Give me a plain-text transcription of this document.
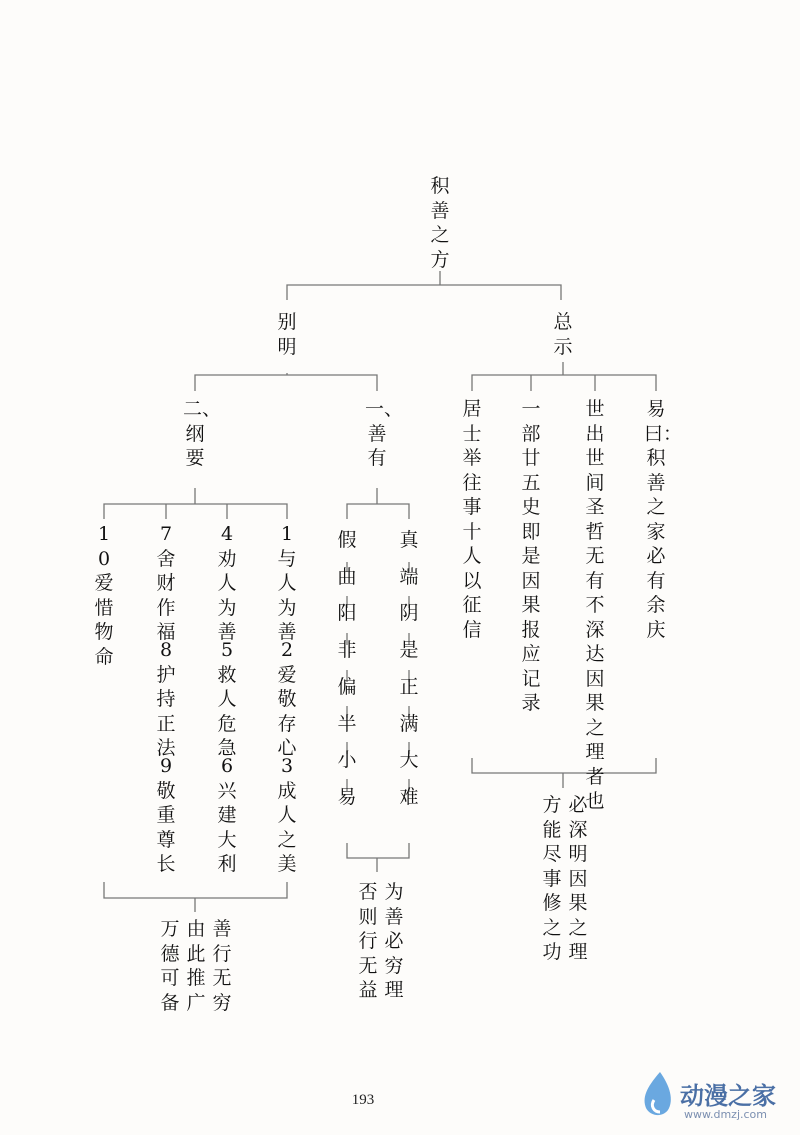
积善之方
别明
总示
易曰：积善之家必有余庆
世出世间圣哲无有不深达因果之理者也
一部廿五史即是因果报应记录
居士举往事十人以征信
必深明因果之理
方能尽事修之功
二、纲要
一、善有
真
端
阴
是
正
满
大
难
假
曲
阳
非
偏
半
小
易
为善必穷理
否则行无益
1与人为善
2爱敬存心
3成人之美
4劝人为善
5救人危急
6兴建大利
7舍财作福
8护持正法
9敬重尊长
10爱惜物命
善行无穷
由此推广
万德可备
193	动漫之家
www.dmzj.com
